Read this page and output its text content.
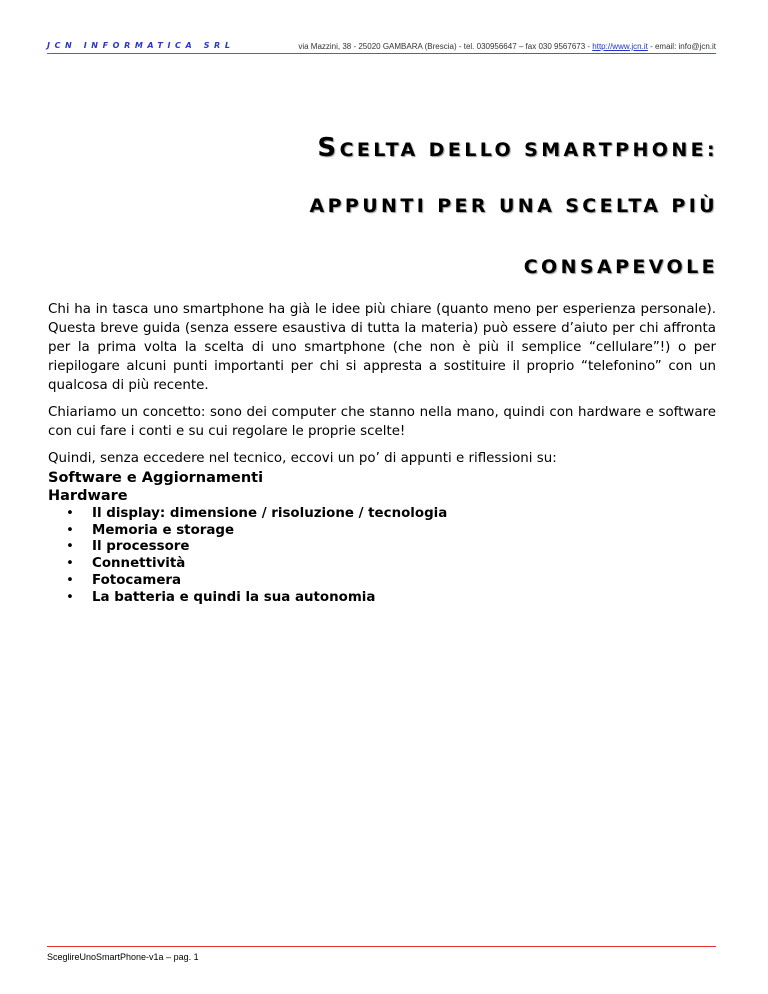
JCN INFORMATICA SRL	via Mazzini, 38 - 25020 GAMBARA (Brescia) - tel. 030956647 – fax 030 9567673 - http://www.jcn.it - email: info@jcn.it
SCELTA DELLO SMARTPHONE:
APPUNTI PER UNA SCELTA PIÙ
CONSAPEVOLE

Chi ha in tasca uno smartphone ha già le idee più chiare (quanto meno per esperienza personale). Questa breve guida (senza essere esaustiva di tutta la materia) può essere d’aiuto per chi affronta per la prima volta la scelta di uno smartphone (che non è più il semplice “cellulare”!) o per riepilogare alcuni punti importanti per chi si appresta a sostituire il proprio “telefonino” con un qualcosa di più recente.

Chiariamo un concetto: sono dei computer che stanno nella mano, quindi con hardware e software con cui fare i conti e su cui regolare le proprie scelte!

Quindi, senza eccedere nel tecnico, eccovi un po’ di appunti e riflessioni su:

Software e Aggiornamenti
Hardware
• Il display: dimensione / risoluzione / tecnologia
• Memoria e storage
• Il processore
• Connettività
• Fotocamera
• La batteria e quindi la sua autonomia
SceglireUnoSmartPhone-v1a – pag. 1
